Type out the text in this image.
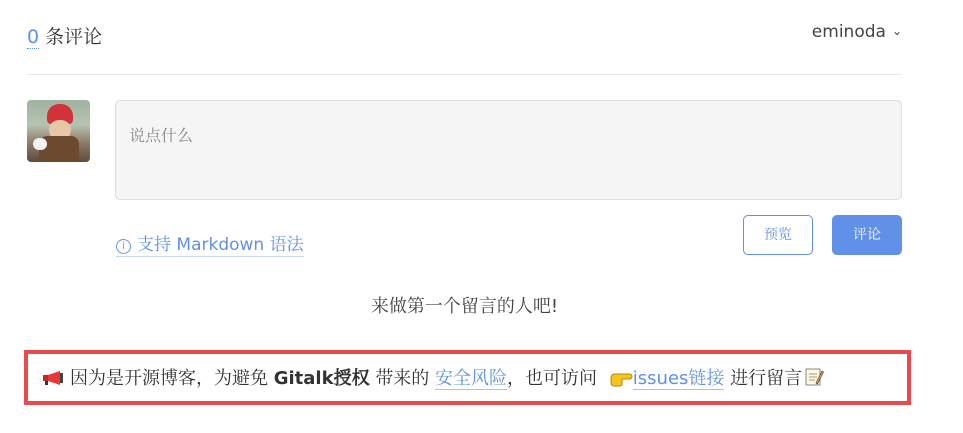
0 条评论	eminoda ⌄
说点什么
i 支持 Markdown 语法	预览	评论
来做第一个留言的人吧!
因为是开源博客，为避免 Gitalk授权 带来的 安全风险，也可访问 issues链接 进行留言
